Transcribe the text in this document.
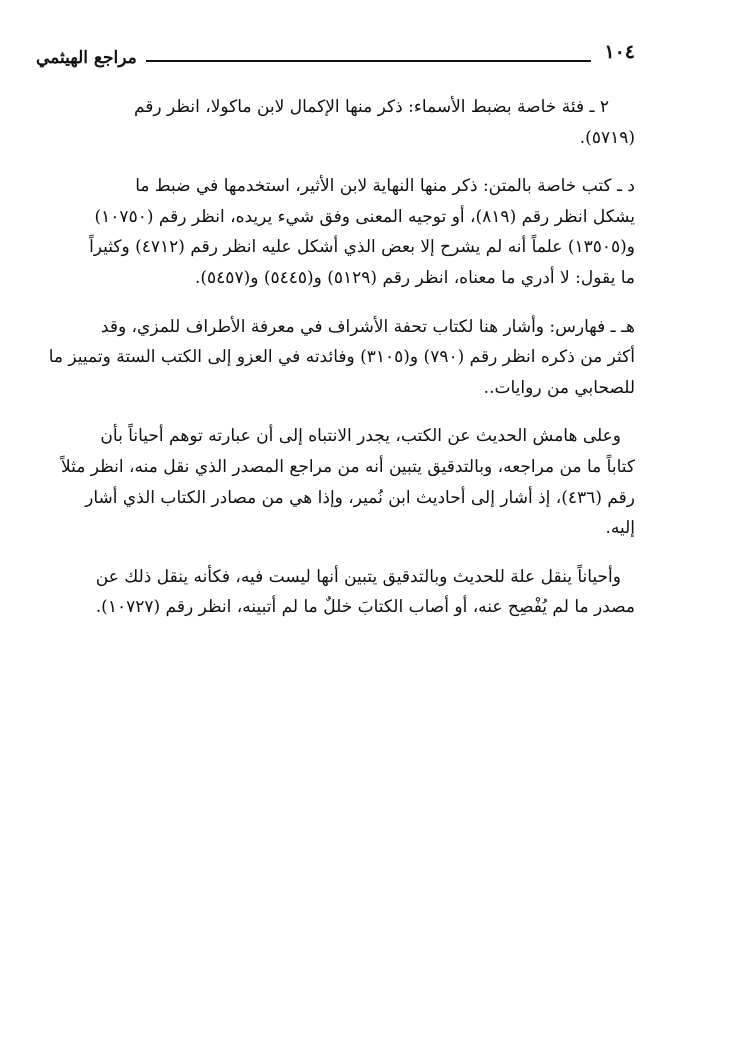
١٠٤
مراجع الهيثمي

٢ ـ فئة خاصة بضبط الأسماء: ذكر منها الإكمال لابن ماكولا، انظر رقم
(٥٧١٩).

د ـ كتب خاصة بالمتن: ذكر منها النهاية لابن الأثير، استخدمها في ضبط ما
يشكل انظر رقم (٨١٩)، أو توجيه المعنى وفق شيء يريده، انظر رقم (١٠٧٥٠)
و(١٣٥٠٥) علماً أنه لم يشرح إلا بعض الذي أشكل عليه انظر رقم (٤٧١٢) وكثيراً
ما يقول: لا أدري ما معناه، انظر رقم (٥١٢٩) و(٥٤٤٥) و(٥٤٥٧).

هـ ـ فهارس: وأشار هنا لكتاب تحفة الأشراف في معرفة الأطراف للمزي، وقد
أكثر من ذكره انظر رقم (٧٩٠) و(٣١٠٥) وفائدته في العزو إلى الكتب الستة وتمييز ما
للصحابي من روايات..

وعلى هامش الحديث عن الكتب، يجدر الانتباه إلى أن عبارته توهم أحياناً بأن
كتاباً ما من مراجعه، وبالتدقيق يتبين أنه من مراجع المصدر الذي نقل منه، انظر مثلاً
رقم (٤٣٦)، إذ أشار إلى أحاديث ابن نُمير، وإذا هي من مصادر الكتاب الذي أشار
إليه.

وأحياناً ينقل علة للحديث وبالتدقيق يتبين أنها ليست فيه، فكأنه ينقل ذلك عن
مصدر ما لم يُفْصِح عنه، أو أصاب الكتابَ خللٌ ما لم أتبينه، انظر رقم (١٠٧٢٧).
